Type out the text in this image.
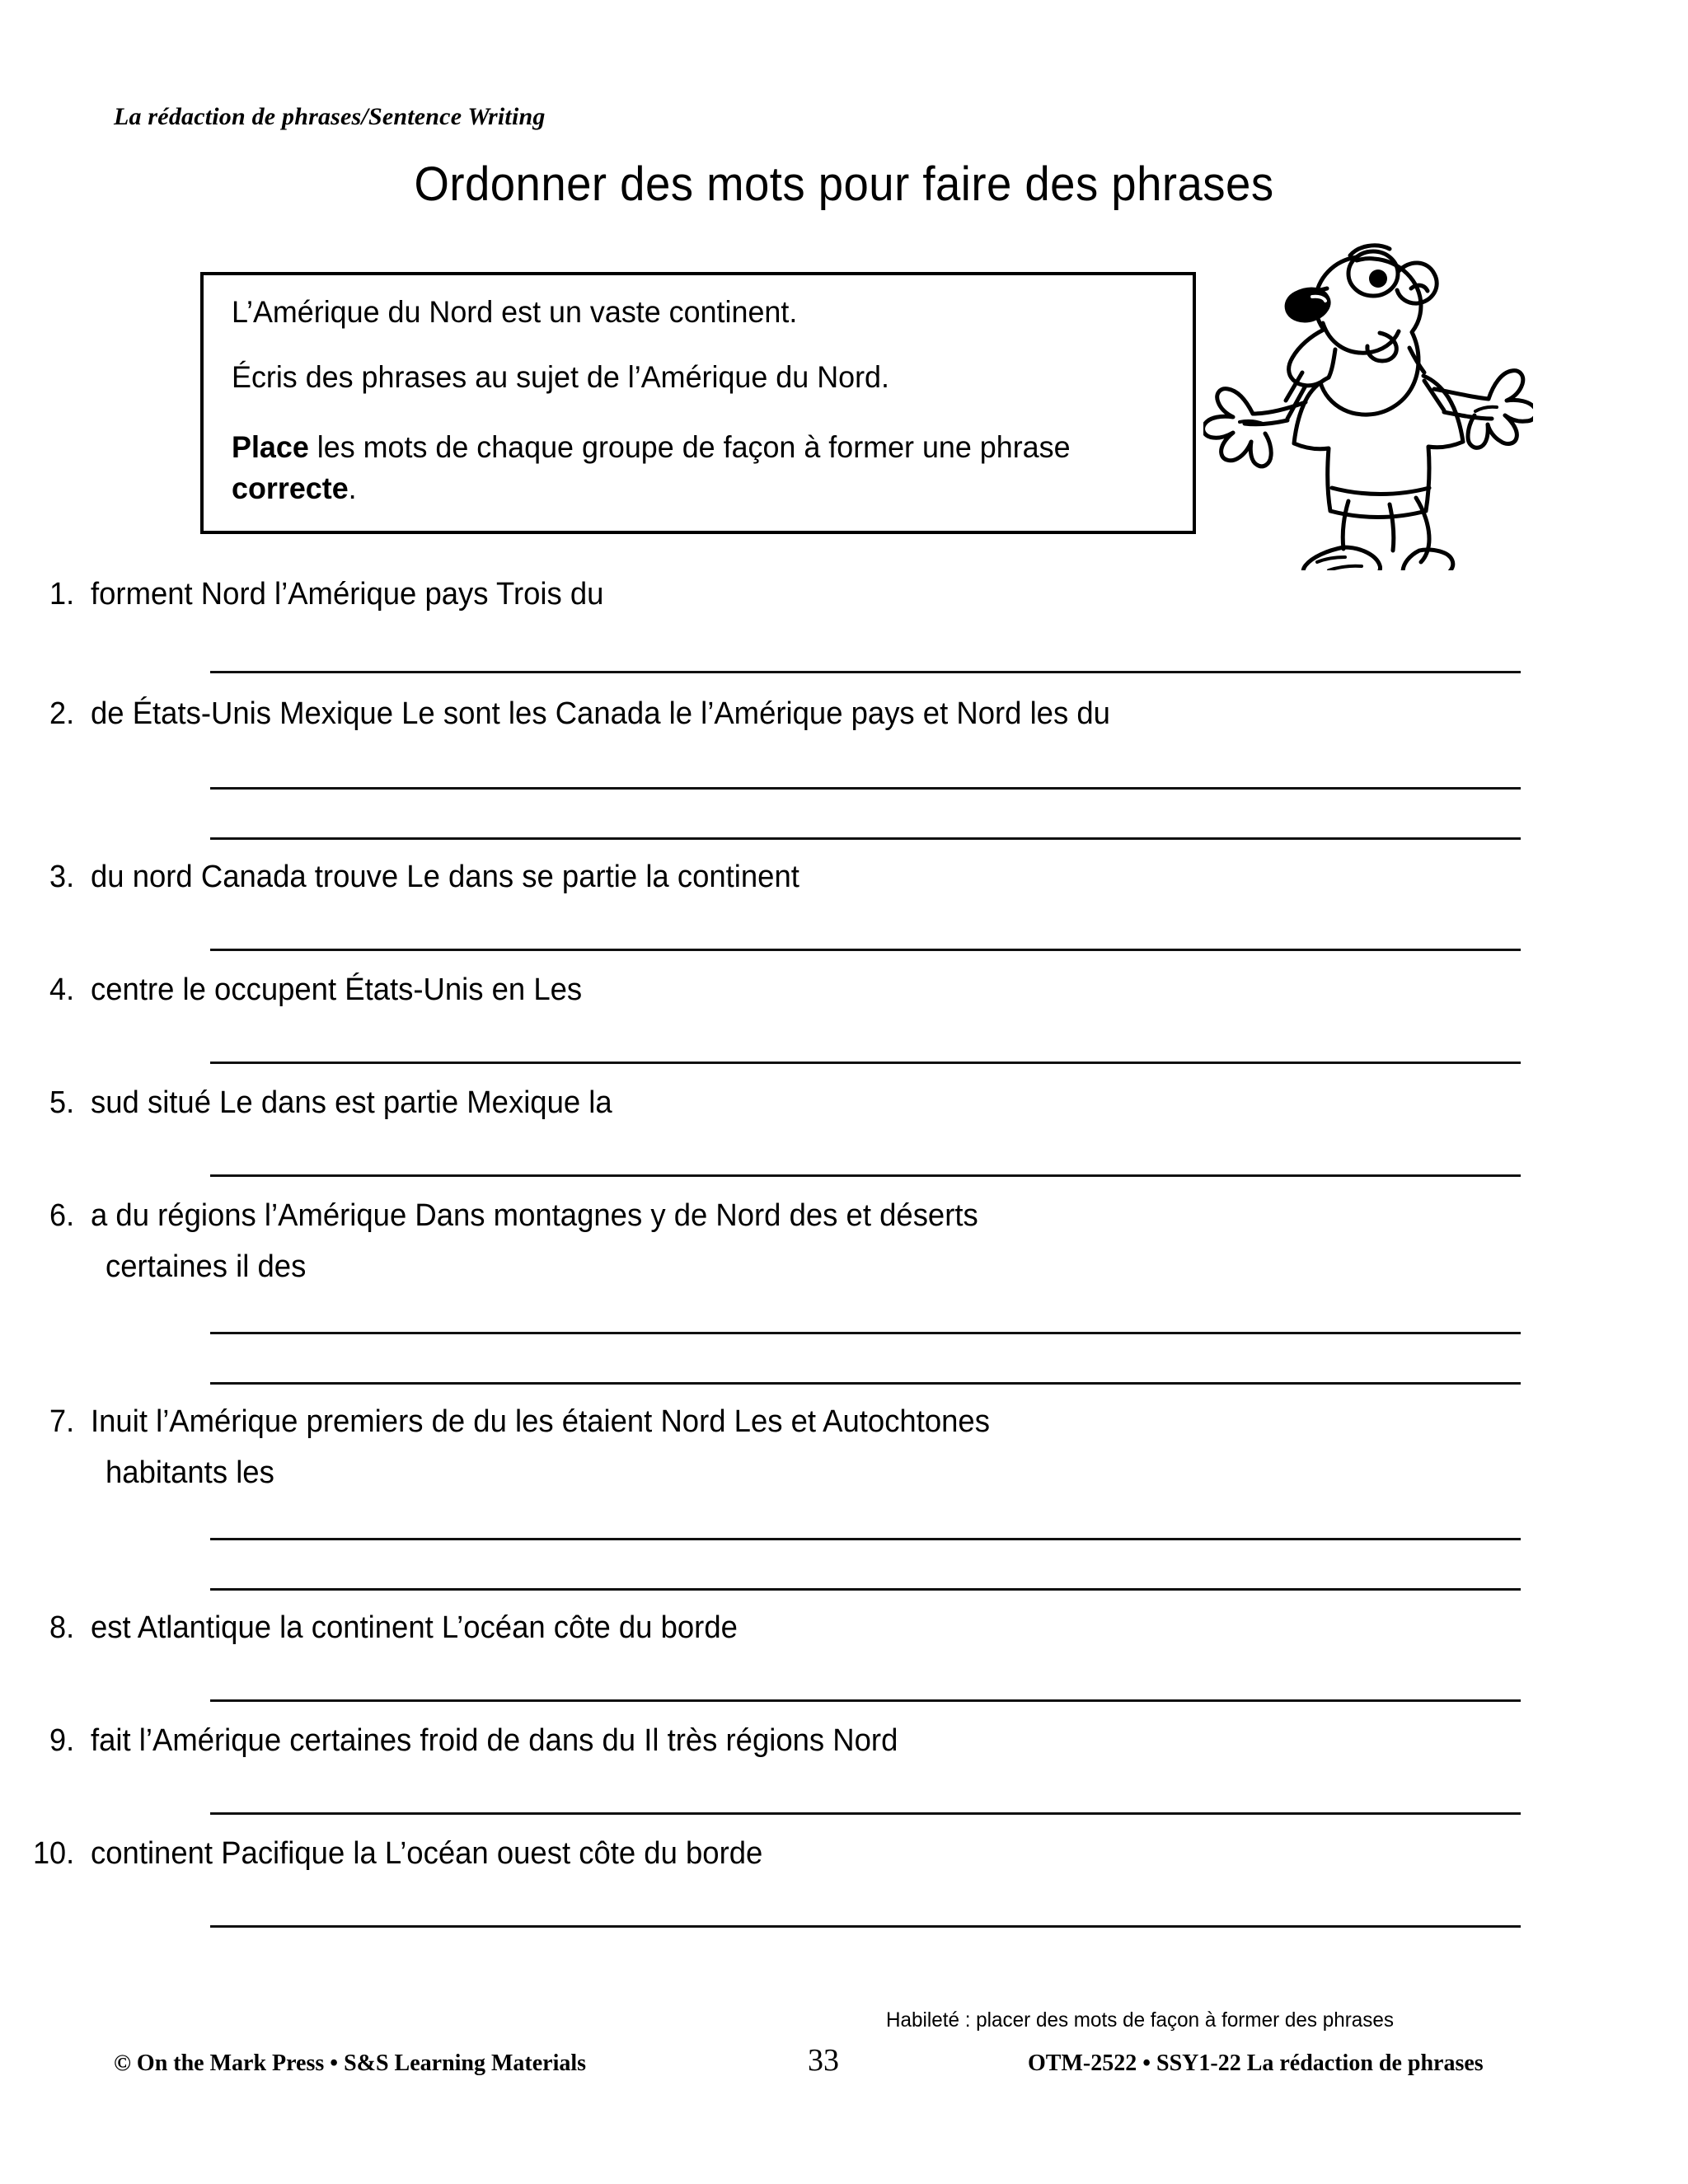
La rédaction de phrases/Sentence Writing
Ordonner des mots pour faire des phrases
L’Amérique du Nord est un vaste continent.
Écris des phrases au sujet de l’Amérique du Nord.
Place les mots de chaque groupe de façon à former une phrase correcte.
1. forment Nord l’Amérique pays Trois du
2. de États-Unis Mexique Le sont les Canada le l’Amérique pays et Nord les du
3. du nord Canada trouve Le dans se partie la continent
4. centre le occupent États-Unis en Les
5. sud situé Le dans est partie Mexique la
6. a du régions l’Amérique Dans montagnes y de Nord des et déserts
certaines il des
7. Inuit l’Amérique premiers de du les étaient Nord Les et Autochtones
habitants les
8. est Atlantique la continent L’océan côte du borde
9. fait l’Amérique certaines froid de dans du Il très régions Nord
10. continent Pacifique la L’océan ouest côte du borde
Habileté : placer des mots de façon à former des phrases
© On the Mark Press • S&S Learning Materials	33	OTM-2522 • SSY1-22 La rédaction de phrases
